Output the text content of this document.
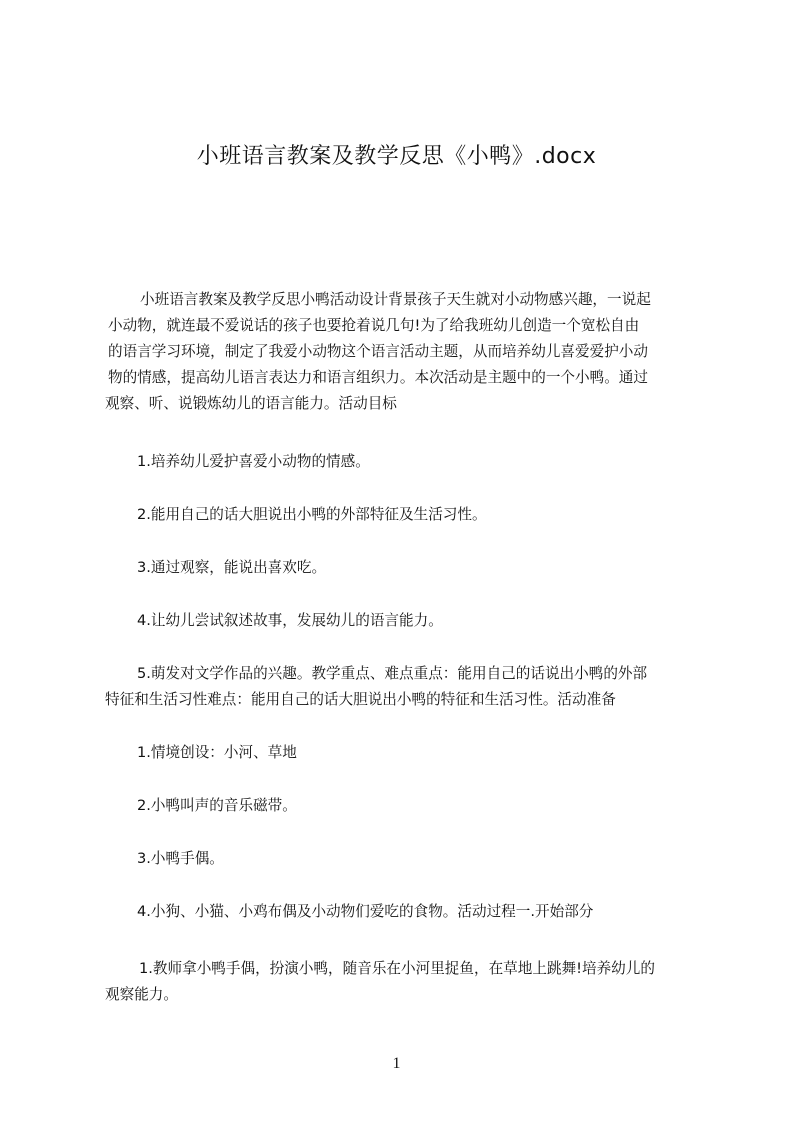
小班语言教案及教学反思《小鸭》.docx
小班语言教案及教学反思小鸭活动设计背景孩子天生就对小动物感兴趣，一说起
小动物，就连最不爱说话的孩子也要抢着说几句!为了给我班幼儿创造一个宽松自由
的语言学习环境，制定了我爱小动物这个语言活动主题，从而培养幼儿喜爱爱护小动
物的情感，提高幼儿语言表达力和语言组织力。本次活动是主题中的一个小鸭。通过
观察、听、说锻炼幼儿的语言能力。活动目标
1.培养幼儿爱护喜爱小动物的情感。
2.能用自己的话大胆说出小鸭的外部特征及生活习性。
3.通过观察，能说出喜欢吃。
4.让幼儿尝试叙述故事，发展幼儿的语言能力。
5.萌发对文学作品的兴趣。教学重点、难点重点：能用自己的话说出小鸭的外部
特征和生活习性难点：能用自己的话大胆说出小鸭的特征和生活习性。活动准备
1.情境创设：小河、草地
2.小鸭叫声的音乐磁带。
3.小鸭手偶。
4.小狗、小猫、小鸡布偶及小动物们爱吃的食物。活动过程一.开始部分
1.教师拿小鸭手偶，扮演小鸭，随音乐在小河里捉鱼，在草地上跳舞!培养幼儿的
观察能力。
1
